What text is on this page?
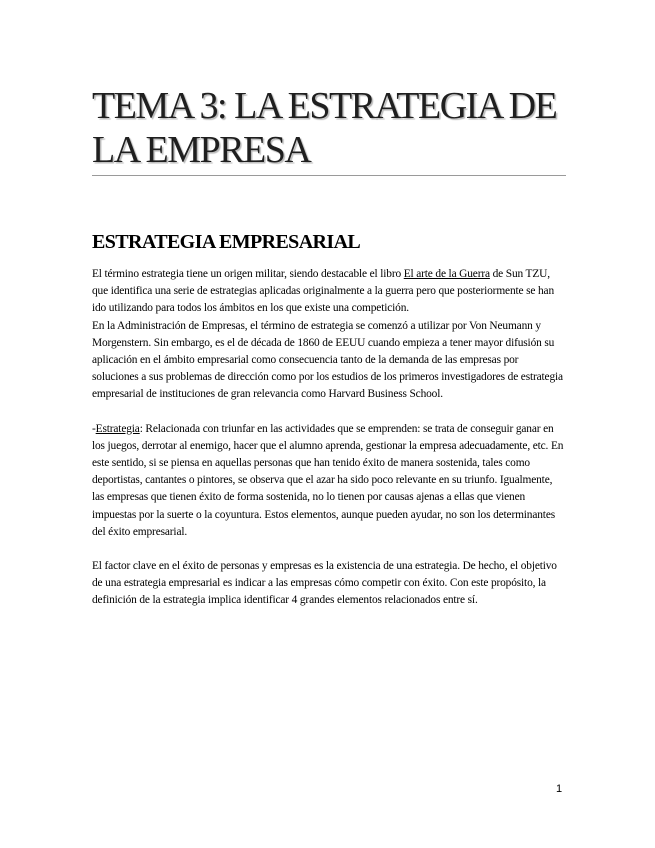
TEMA 3: LA ESTRATEGIA DE LA EMPRESA
ESTRATEGIA EMPRESARIAL

El término estrategia tiene un origen militar, siendo destacable el libro El arte de la Guerra de Sun TZU, que identifica una serie de estrategias aplicadas originalmente a la guerra pero que posteriormente se han ido utilizando para todos los ámbitos en los que existe una competición.

En la Administración de Empresas, el término de estrategia se comenzó a utilizar por Von Neumann y Morgenstern. Sin embargo, es el de década de 1860 de EEUU cuando empieza a tener mayor difusión su aplicación en el ámbito empresarial como consecuencia tanto de la demanda de las empresas por soluciones a sus problemas de dirección como por los estudios de los primeros investigadores de estrategia empresarial de instituciones de gran relevancia como Harvard Business School.

-Estrategia: Relacionada con triunfar en las actividades que se emprenden: se trata de conseguir ganar en los juegos, derrotar al enemigo, hacer que el alumno aprenda, gestionar la empresa adecuadamente, etc. En este sentido, si se piensa en aquellas personas que han tenido éxito de manera sostenida, tales como deportistas, cantantes o pintores, se observa que el azar ha sido poco relevante en su triunfo. Igualmente, las empresas que tienen éxito de forma sostenida, no lo tienen por causas ajenas a ellas que vienen impuestas por la suerte o la coyuntura. Estos elementos, aunque pueden ayudar, no son los determinantes del éxito empresarial.

El factor clave en el éxito de personas y empresas es la existencia de una estrategia. De hecho, el objetivo de una estrategia empresarial es indicar a las empresas cómo competir con éxito. Con este propósito, la definición de la estrategia implica identificar 4 grandes elementos relacionados entre sí.

1
